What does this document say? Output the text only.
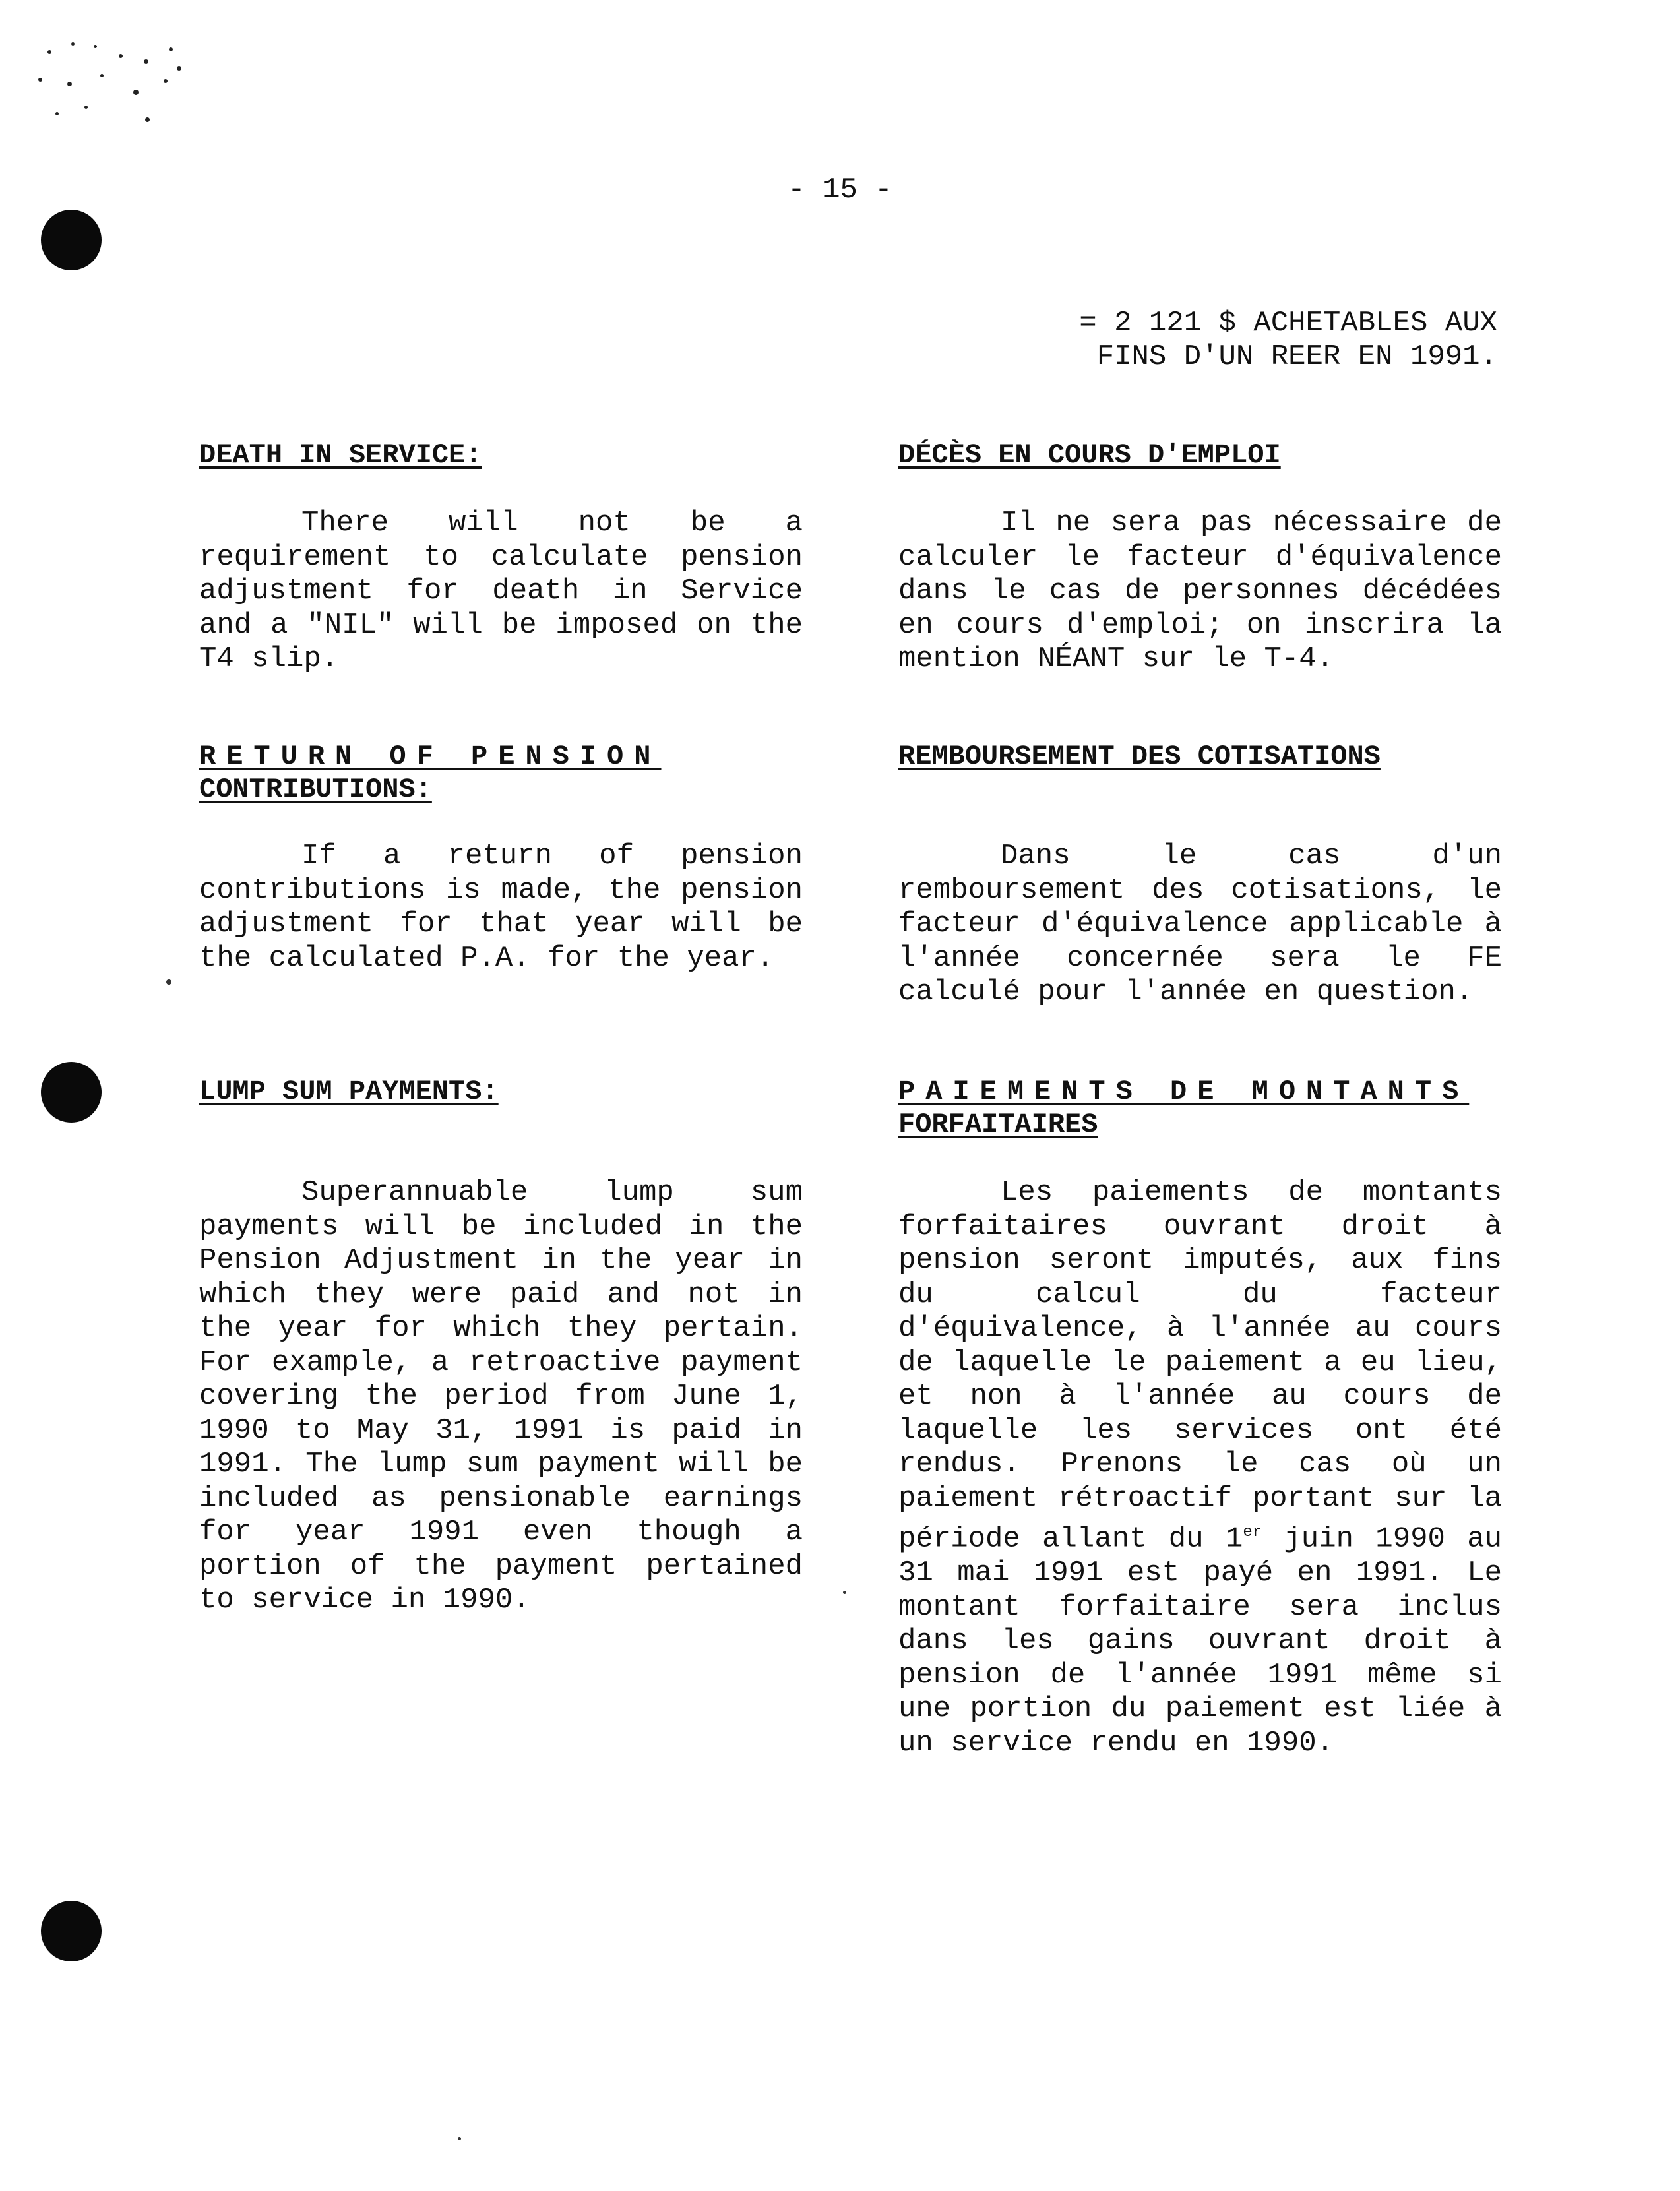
- 15 -
= 2 121 $ ACHETABLES AUX
FINS D'UN REER EN 1991.
DEATH IN SERVICE:	DÉCÈS EN COURS D'EMPLOI
There will not be a requirement to calculate pension adjustment for death in Service and a "NIL" will be imposed on the T4 slip.
Il ne sera pas nécessaire de calculer le facteur d'équivalence dans le cas de personnes décédées en cours d'emploi; on inscrira la mention NÉANT sur le T-4.
RETURN OF PENSION
CONTRIBUTIONS:
REMBOURSEMENT DES COTISATIONS
If a return of pension contributions is made, the pension adjustment for that year will be the calculated P.A. for the year.
Dans le cas d'un remboursement des cotisations, le facteur d'équivalence applicable à l'année concernée sera le FE calculé pour l'année en question.
LUMP SUM PAYMENTS:	PAIEMENTS DE MONTANTS
FORFAITAIRES
Superannuable lump sum payments will be included in the Pension Adjustment in the year in which they were paid and not in the year for which they pertain. For example, a retroactive payment covering the period from June 1, 1990 to May 31, 1991 is paid in 1991. The lump sum payment will be included as pensionable earnings for year 1991 even though a portion of the payment pertained to service in 1990.
Les paiements de montants forfaitaires ouvrant droit à pension seront imputés, aux fins du calcul du facteur d'équivalence, à l'année au cours de laquelle le paiement a eu lieu, et non à l'année au cours de laquelle les services ont été rendus. Prenons le cas où un paiement rétroactif portant sur la période allant du 1er juin 1990 au 31 mai 1991 est payé en 1991. Le montant forfaitaire sera inclus dans les gains ouvrant droit à pension de l'année 1991 même si une portion du paiement est liée à un service rendu en 1990.
